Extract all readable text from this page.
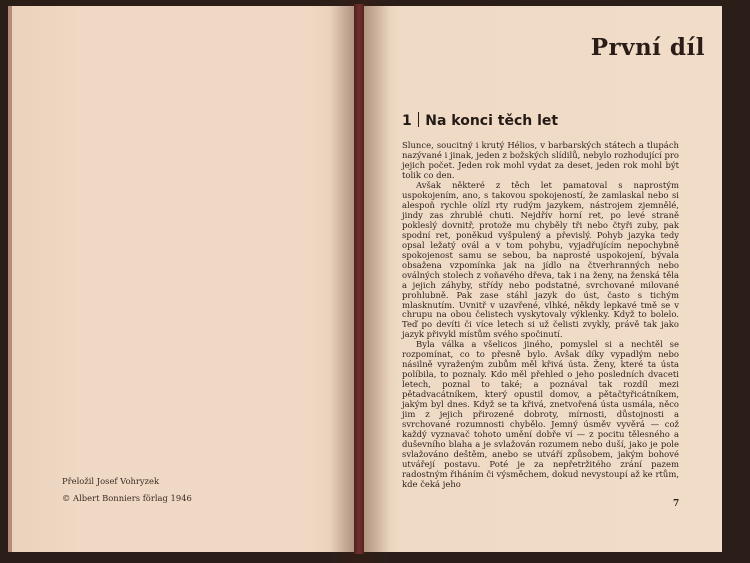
Přeložil Josef Vohryzek
© Albert Bonniers förlag 1946
První díl
1 Na konci těch let

Slunce, soucitný i krutý Hélios, v barbarských státech a tlupách nazývané i jinak, jeden z božských slídilů, nebylo rozhodující pro jejich počet. Jeden rok mohl vydat za deset, jeden rok mohl být tolik co den.

Avšak některé z těch let pamatoval s naprostým uspokojením, ano, s takovou spokojeností, že zamlaskal nebo si alespoň rychle olízl rty rudým jazykem, nástrojem zjemnělé, jindy zas zhrublé chuti. Nejdřív horní ret, po levé straně pokleslý dovnitř, protože mu chyběly tři nebo čtyři zuby, pak spodní ret, poněkud vyšpulený a převislý. Pohyb jazyka tedy opsal ležatý ovál a v tom pohybu, vyjadřujícím nepochybně spokojenost samu se sebou, ba naprosté uspokojení, bývala obsažena vzpomínka jak na jídlo na čtverhranných nebo oválných stolech z voňavého dřeva, tak i na ženy, na ženská těla a jejich záhyby, střídy nebo podstatné, svrchované milované prohlubně. Pak zase stáhl jazyk do úst, často s tichým mlasknutím. Uvnitř v uzavřené, vlhké, někdy lepkavé tmě se v chrupu na obou čelistech vyskytovaly výklenky. Když to bolelo. Teď po devíti či více letech si už čelisti zvykly, právě tak jako jazyk přivykl místům svého spočinutí.

Byla válka a všelicos jiného, pomyslel si a nechtěl se rozpomínat, co to přesně bylo. Avšak díky vypadlým nebo násilně vyraženým zubům měl křivá ústa. Ženy, které ta ústa políbila, to poznaly. Kdo měl přehled o jeho posledních dvaceti letech, poznal to také; a poznával tak rozdíl mezi pětadvacátníkem, který opustil domov, a pětačtyřicátníkem, jakým byl dnes. Když se ta křivá, znetvořená ústa usmála, něco jim z jejich přirozené dobroty, mírnosti, důstojnosti a svrchované rozumnosti chybělo. Jemný úsměv vyvěrá — což každý vyznavač tohoto umění dobře ví — z pocitu tělesného a duševního blaha a je svlažován rozumem nebo duší, jako je pole svlažováno deštěm, anebo se utváří způsobem, jakým bohové utvářejí postavu. Poté je za nepřetržitého zrání pazem radostným řiháním či výsměchem, dokud nevystoupí až ke rtům, kde čeká jeho

7
